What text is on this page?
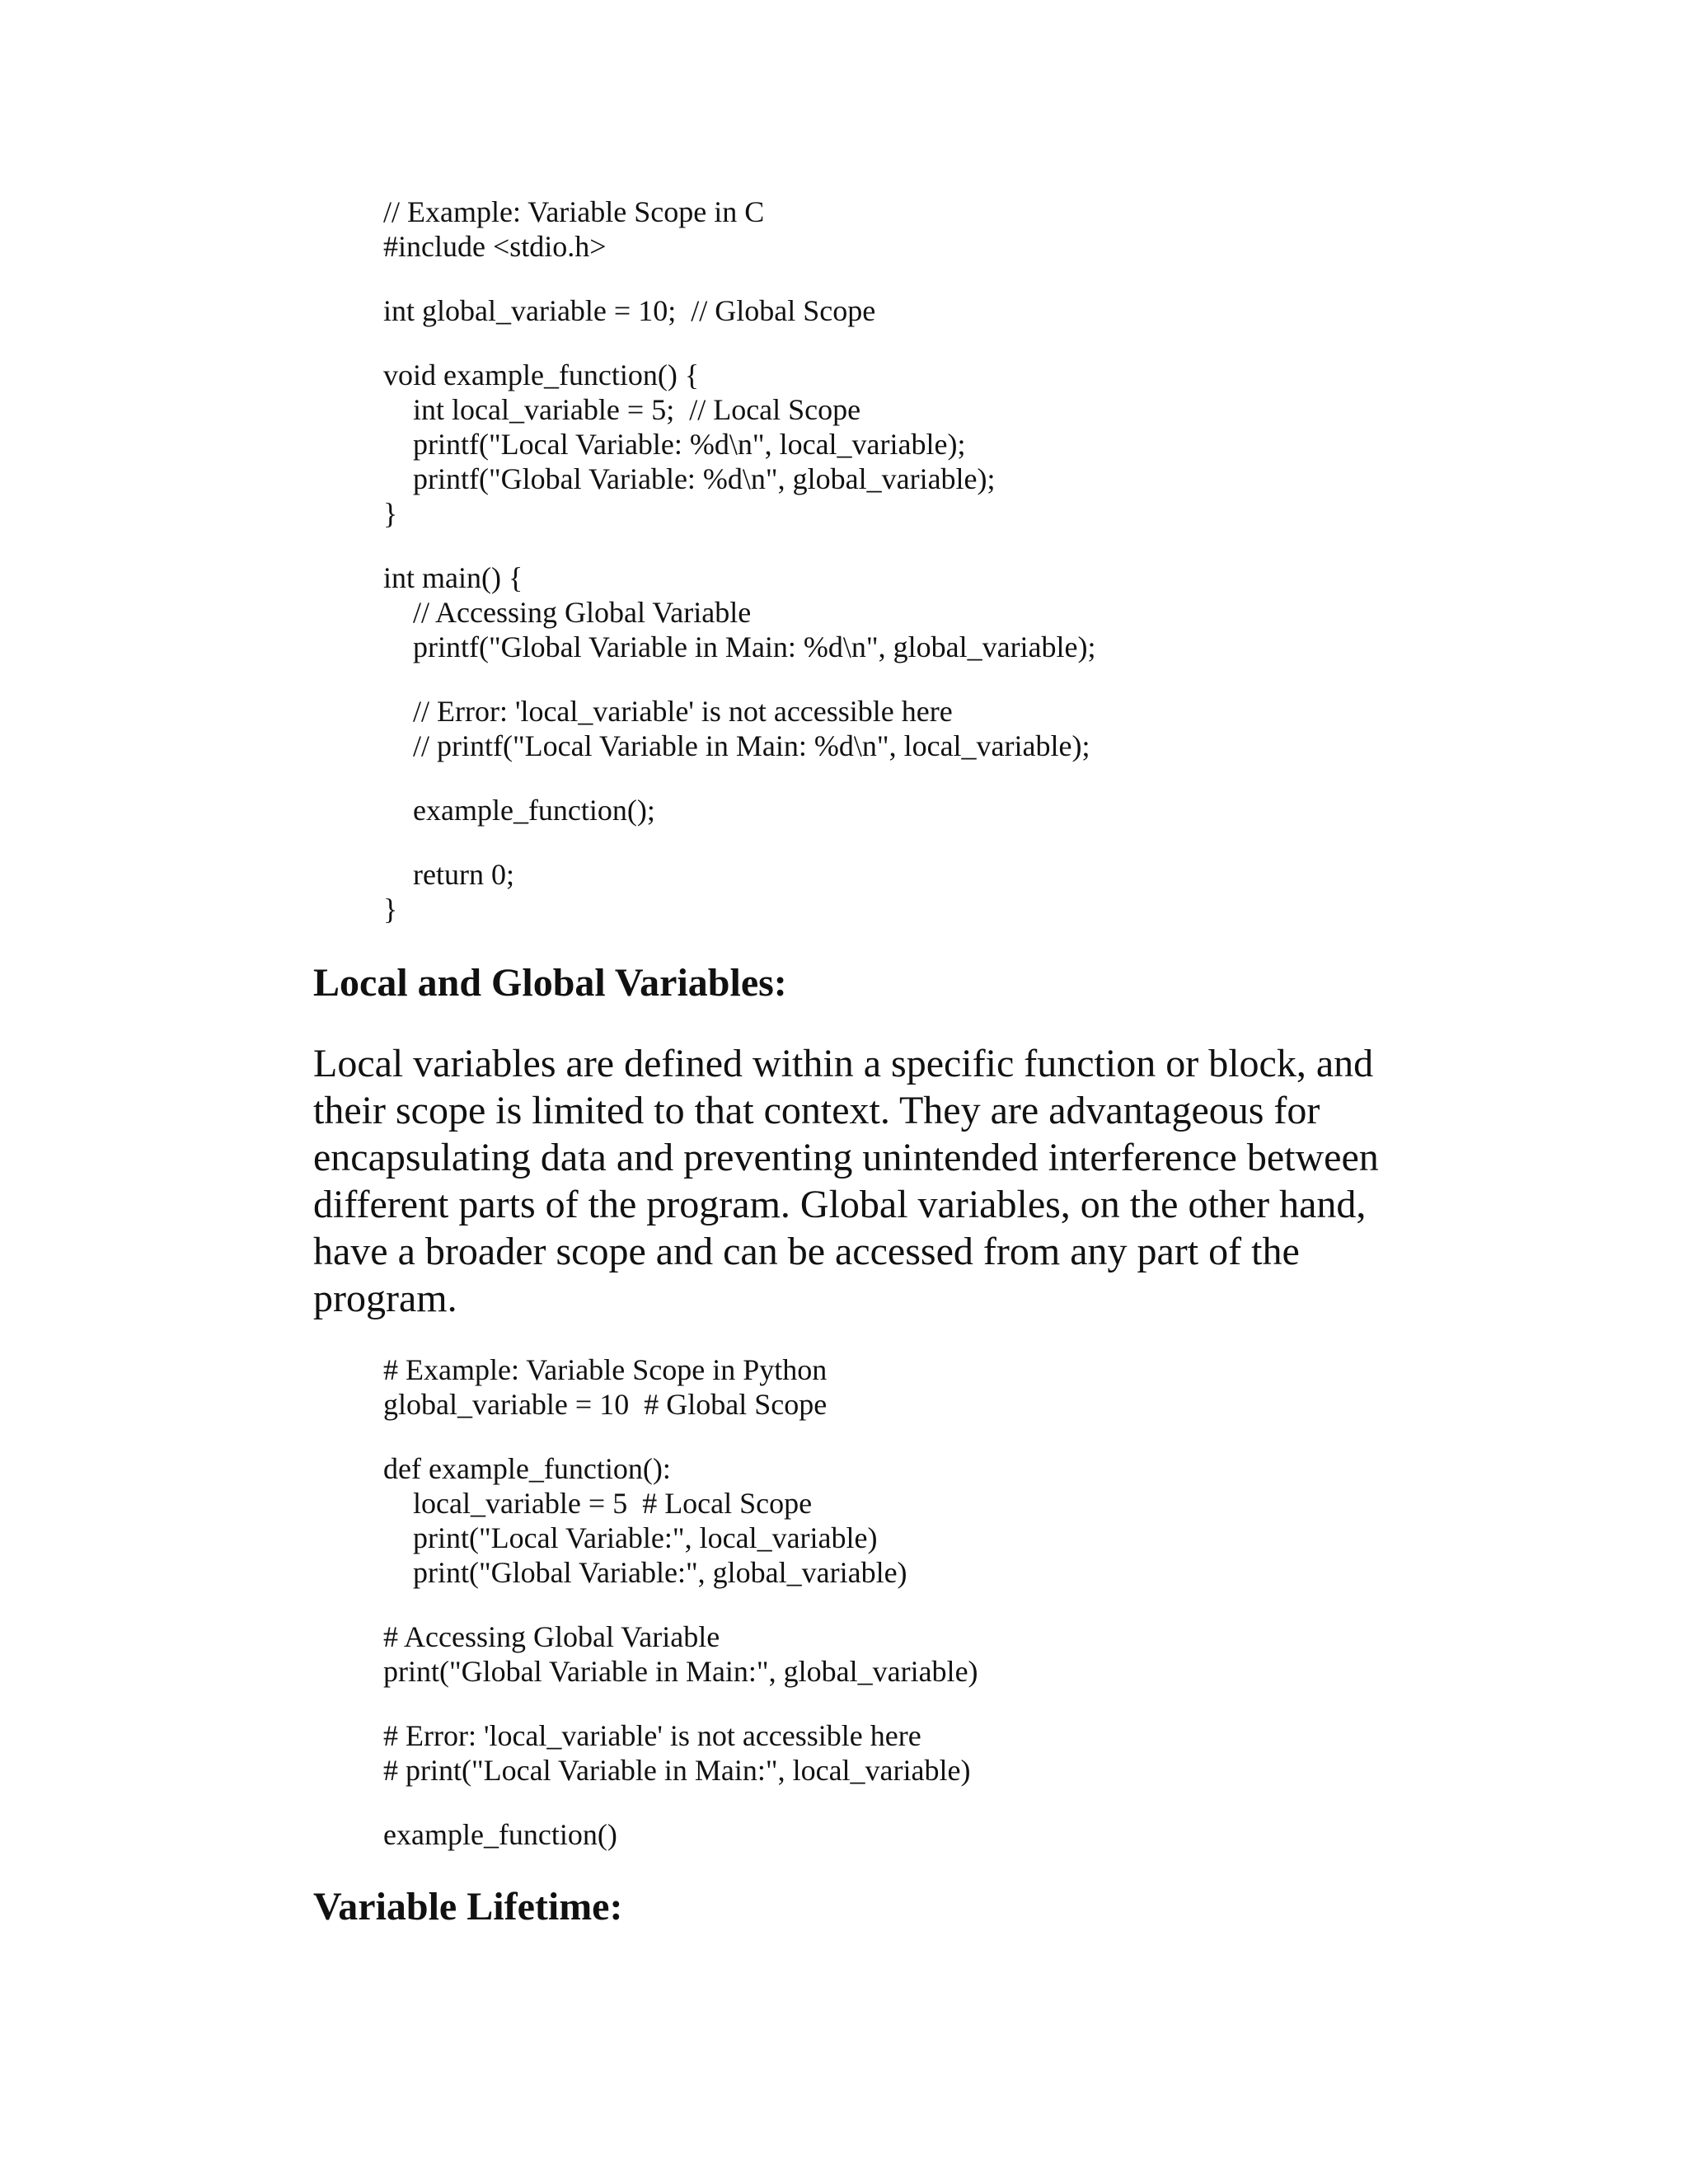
// Example: Variable Scope in C
#include <stdio.h>
int global_variable = 10;  // Global Scope
void example_function() {
int local_variable = 5;  // Local Scope
printf("Local Variable: %d\n", local_variable);
printf("Global Variable: %d\n", global_variable);
}
int main() {
// Accessing Global Variable
printf("Global Variable in Main: %d\n", global_variable);
// Error: 'local_variable' is not accessible here
// printf("Local Variable in Main: %d\n", local_variable);
example_function();
return 0;
}
Local and Global Variables:
Local variables are defined within a specific function or block, and
their scope is limited to that context. They are advantageous for
encapsulating data and preventing unintended interference between
different parts of the program. Global variables, on the other hand,
have a broader scope and can be accessed from any part of the
program.
# Example: Variable Scope in Python
global_variable = 10  # Global Scope
def example_function():
local_variable = 5  # Local Scope
print("Local Variable:", local_variable)
print("Global Variable:", global_variable)
# Accessing Global Variable
print("Global Variable in Main:", global_variable)
# Error: 'local_variable' is not accessible here
# print("Local Variable in Main:", local_variable)
example_function()
Variable Lifetime:
